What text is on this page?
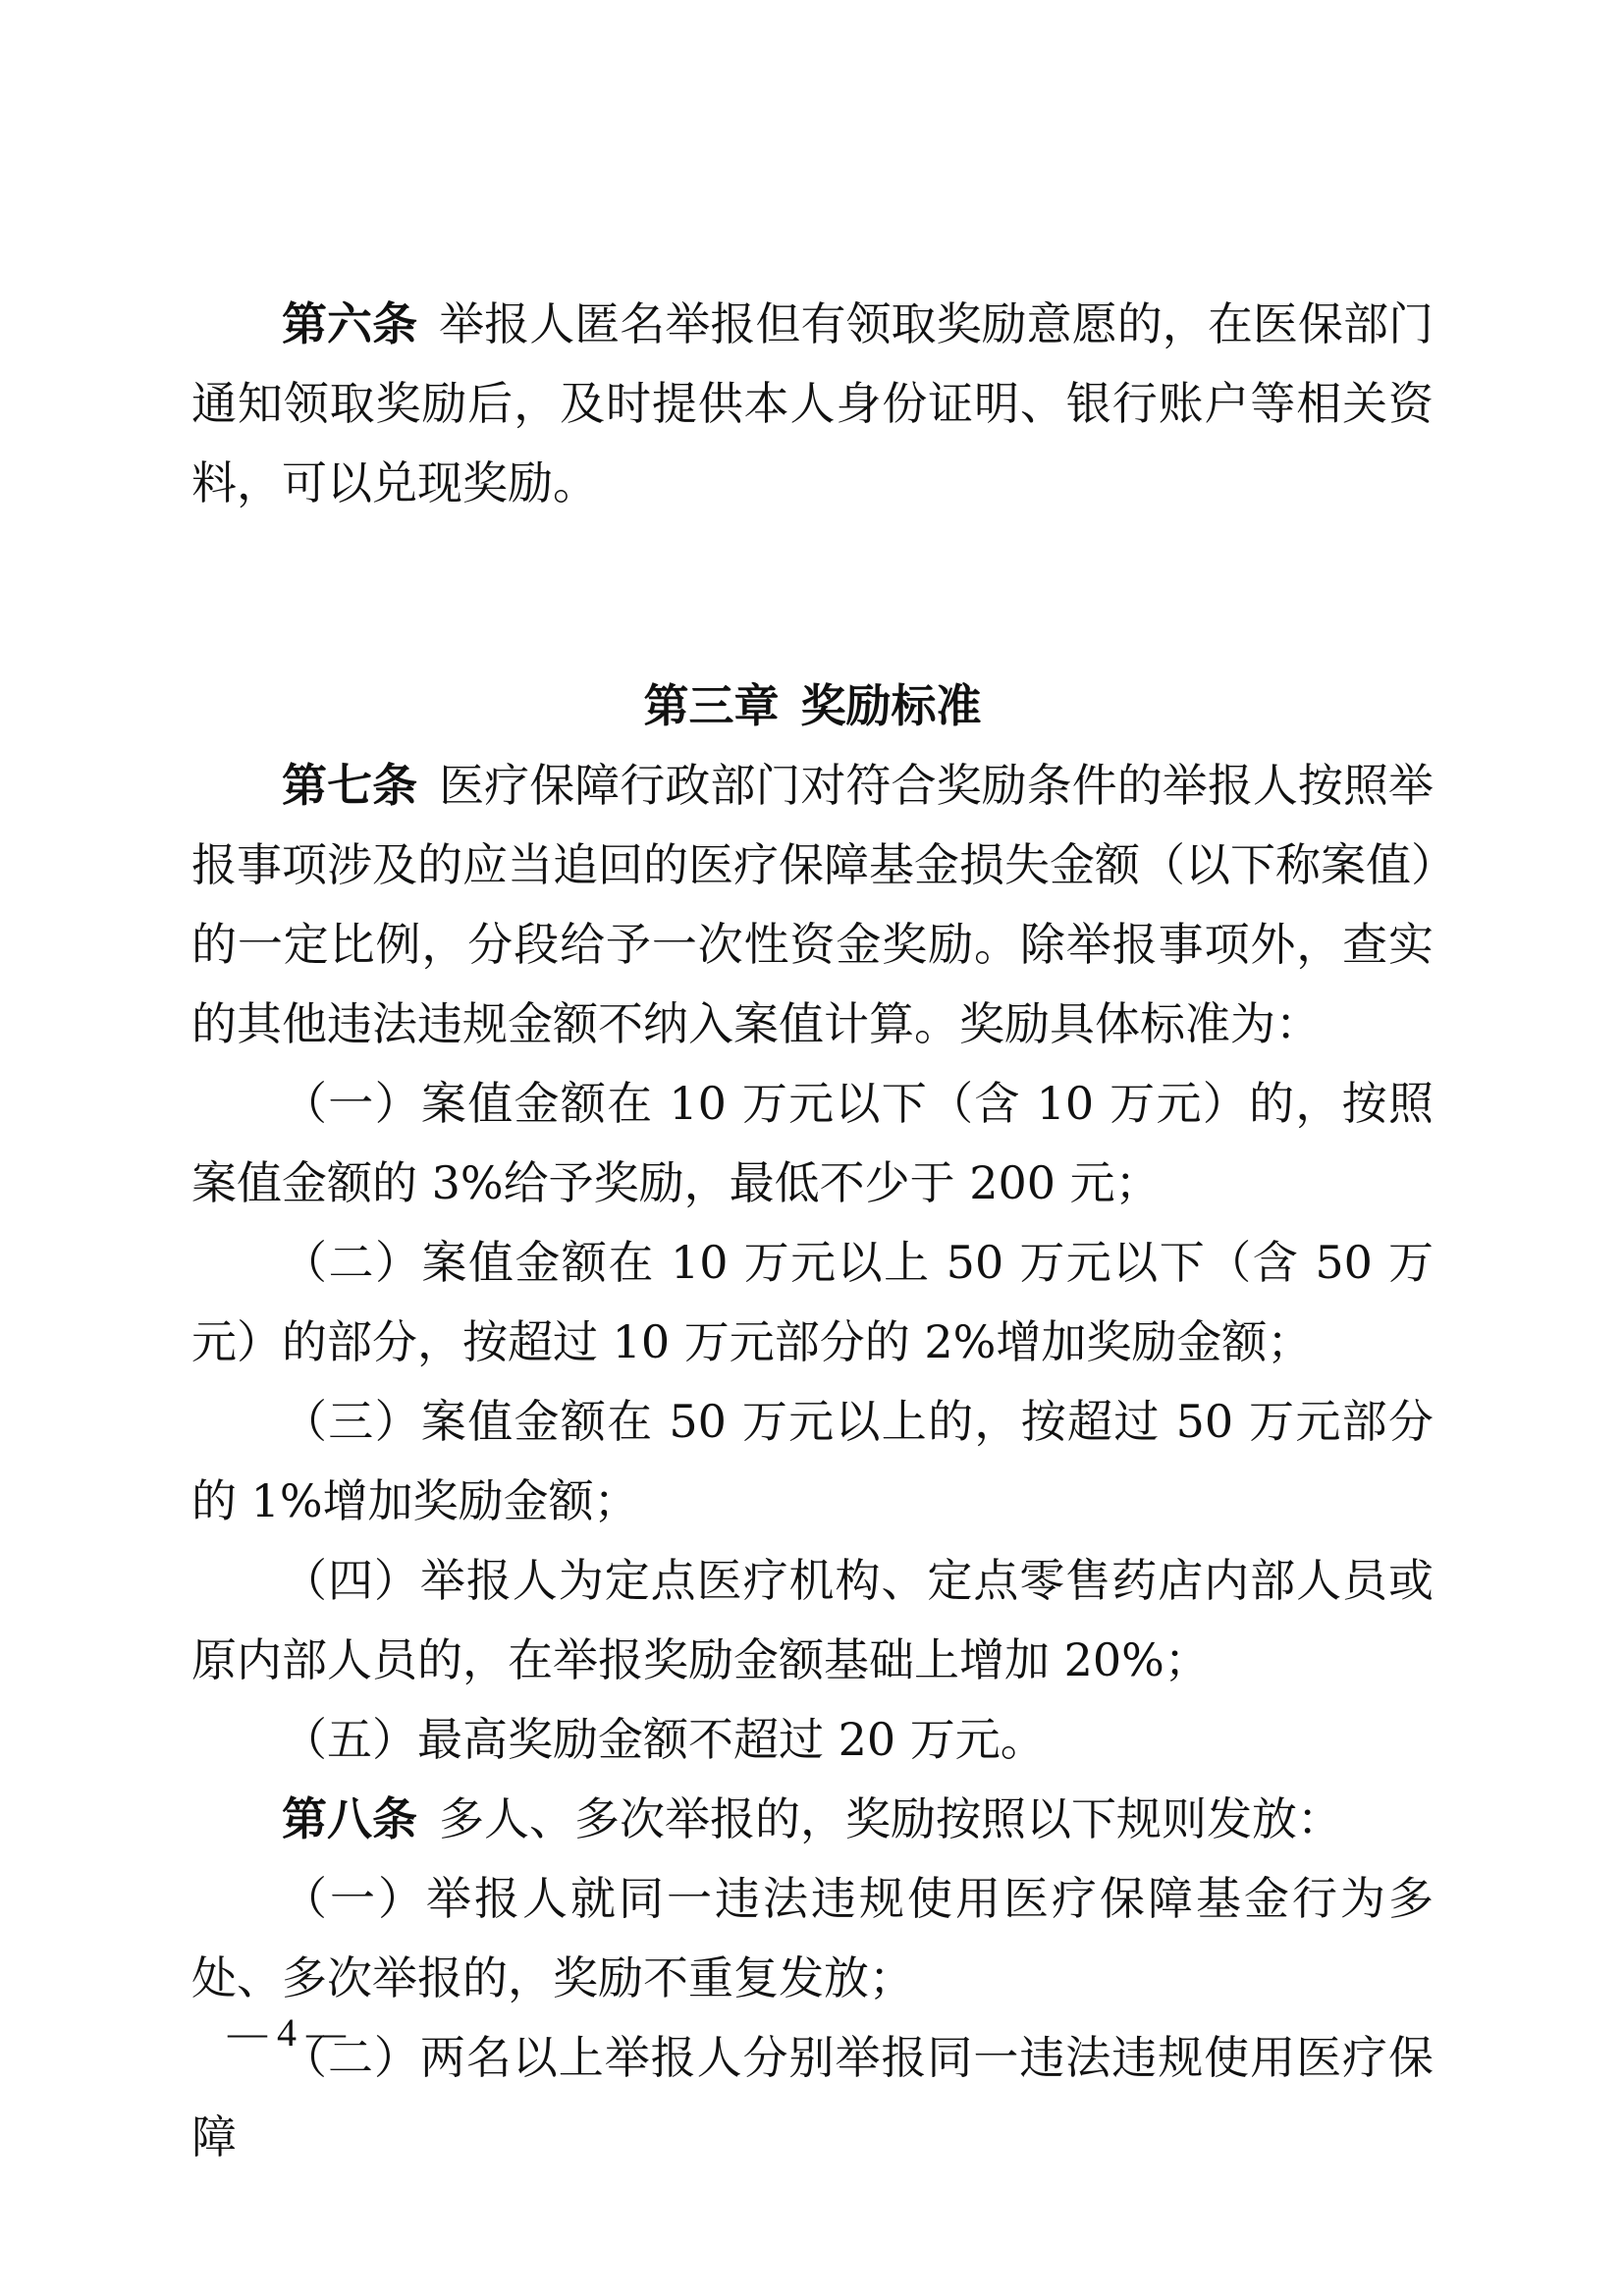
第六条 举报人匿名举报但有领取奖励意愿的，在医保部门通知领取奖励后，及时提供本人身份证明、银行账户等相关资料，可以兑现奖励。

第三章 奖励标准

第七条 医疗保障行政部门对符合奖励条件的举报人按照举报事项涉及的应当追回的医疗保障基金损失金额（以下称案值）的一定比例，分段给予一次性资金奖励。除举报事项外，查实的其他违法违规金额不纳入案值计算。奖励具体标准为：

（一）案值金额在 10 万元以下（含 10 万元）的，按照案值金额的 3%给予奖励，最低不少于 200 元；

（二）案值金额在 10 万元以上 50 万元以下（含 50 万元）的部分，按超过 10 万元部分的 2%增加奖励金额；

（三）案值金额在 50 万元以上的，按超过 50 万元部分的 1%增加奖励金额；

（四）举报人为定点医疗机构、定点零售药店内部人员或原内部人员的，在举报奖励金额基础上增加 20%；

（五）最高奖励金额不超过 20 万元。

第八条 多人、多次举报的，奖励按照以下规则发放：

（一）举报人就同一违法违规使用医疗保障基金行为多处、多次举报的，奖励不重复发放；

（二）两名以上举报人分别举报同一违法违规使用医疗保障

— 4 —
